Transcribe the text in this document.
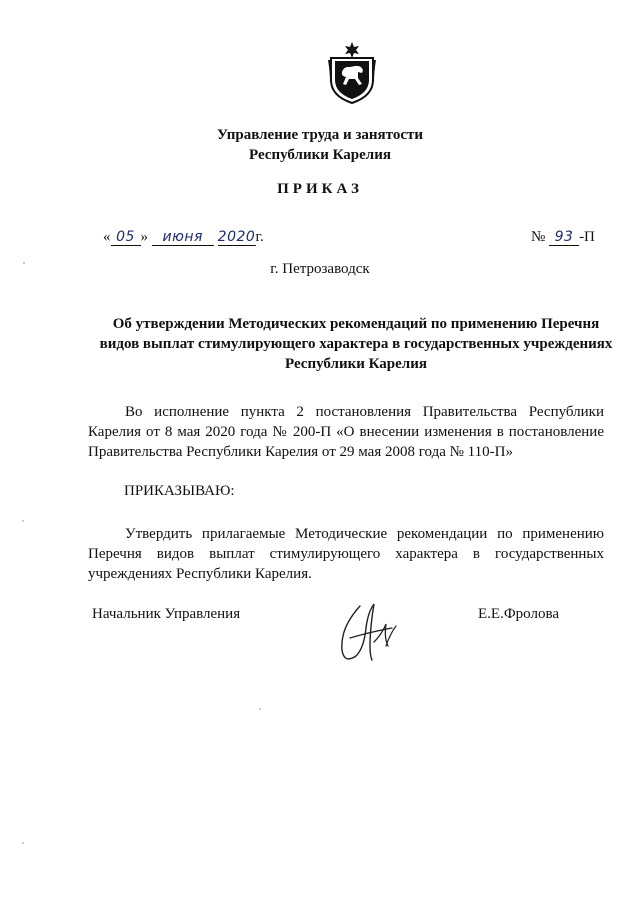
Управление труда и занятости
Республики Карелия
ПРИКАЗ
« 05 » июня 2020г.	№ 93 -П
г. Петрозаводск
Об утверждении Методических рекомендаций по применению Перечня видов выплат стимулирующего характера в государственных учреждениях Республики Карелия
Во исполнение пункта 2 постановления Правительства Республики Карелия от 8 мая 2020 года № 200-П «О внесении изменения в постановление Правительства Республики Карелия от 29 мая 2008 года № 110-П»
ПРИКАЗЫВАЮ:
Утвердить прилагаемые Методические рекомендации по применению Перечня видов выплат стимулирующего характера в государственных учреждениях Республики Карелия.
Начальник Управления	Е.Е.Фролова
